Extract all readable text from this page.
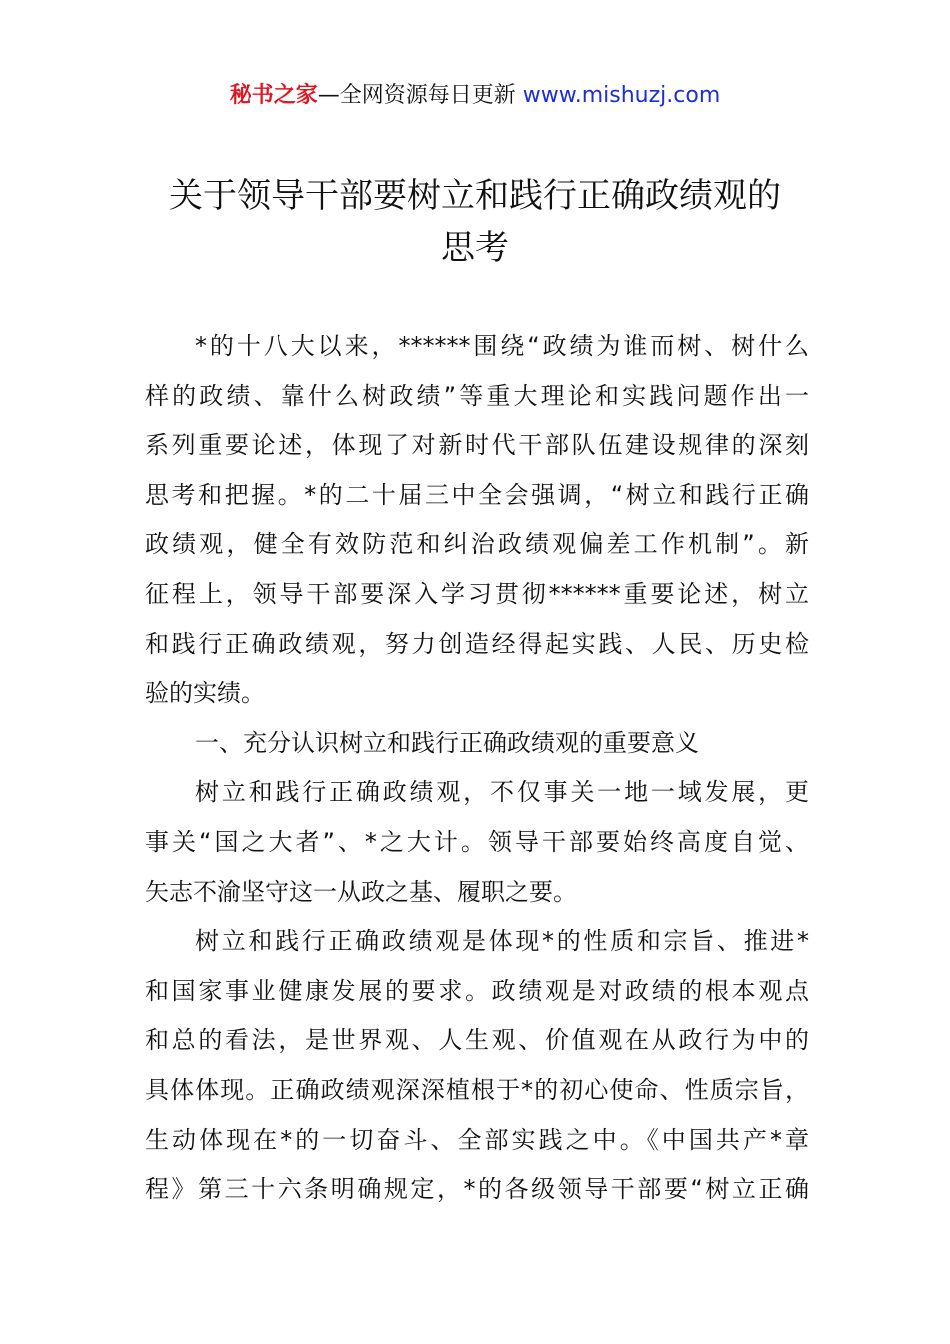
秘书之家—全网资源每日更新 www.mishuzj.com
关于领导干部要树立和践行正确政绩观的
思考
*的十八大以来，******围绕“政绩为谁而树、树什么
样的政绩、靠什么树政绩”等重大理论和实践问题作出一
系列重要论述，体现了对新时代干部队伍建设规律的深刻
思考和把握。*的二十届三中全会强调，“树立和践行正确
政绩观，健全有效防范和纠治政绩观偏差工作机制”。新
征程上，领导干部要深入学习贯彻******重要论述，树立
和践行正确政绩观，努力创造经得起实践、人民、历史检
验的实绩。
一、充分认识树立和践行正确政绩观的重要意义
树立和践行正确政绩观，不仅事关一地一域发展，更
事关“国之大者”、*之大计。领导干部要始终高度自觉、
矢志不渝坚守这一从政之基、履职之要。
树立和践行正确政绩观是体现*的性质和宗旨、推进*
和国家事业健康发展的要求。政绩观是对政绩的根本观点
和总的看法，是世界观、人生观、价值观在从政行为中的
具体体现。正确政绩观深深植根于*的初心使命、性质宗旨，
生动体现在*的一切奋斗、全部实践之中。《中国共产*章
程》第三十六条明确规定，*的各级领导干部要“树立正确
